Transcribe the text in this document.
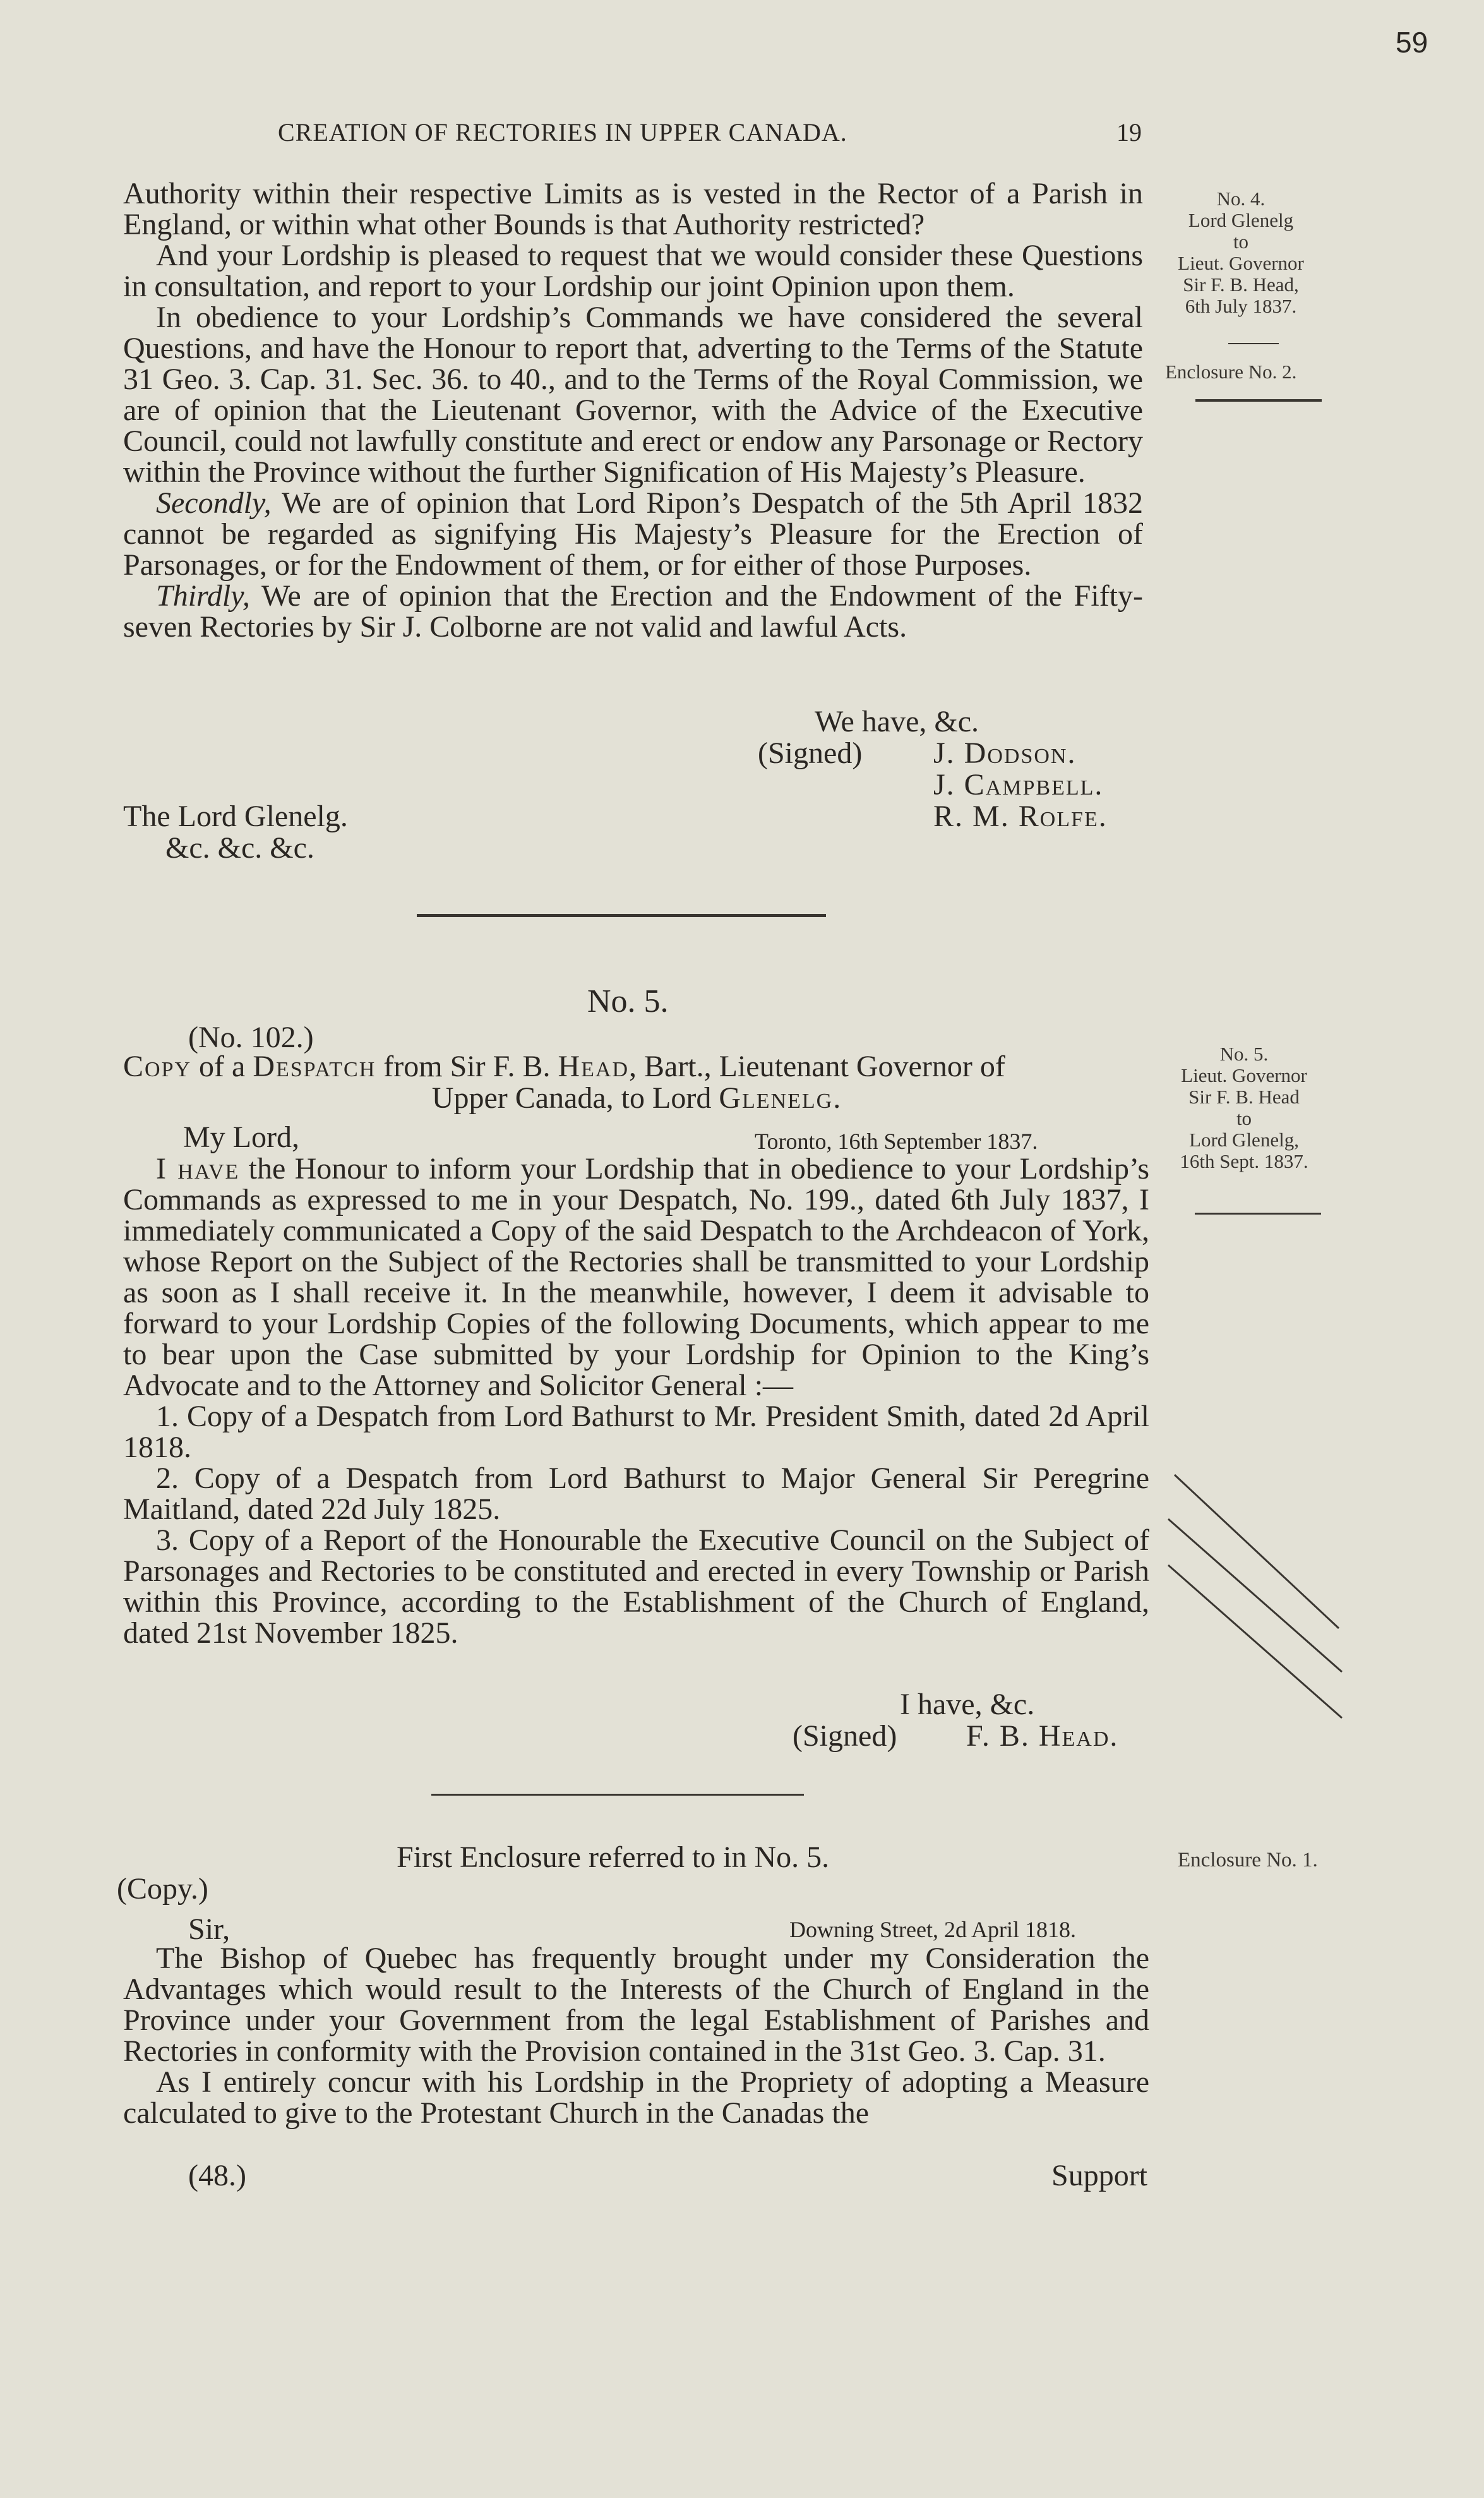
59
CREATION OF RECTORIES IN UPPER CANADA.	19

Authority within their respective Limits as is vested in the Rector of a Parish in England, or within what other Bounds is that Authority restricted?

And your Lordship is pleased to request that we would consider these Questions in consultation, and report to your Lordship our joint Opinion upon them.

In obedience to your Lordship’s Commands we have considered the several Questions, and have the Honour to report that, adverting to the Terms of the Statute 31 Geo. 3. Cap. 31. Sec. 36. to 40., and to the Terms of the Royal Commission, we are of opinion that the Lieutenant Governor, with the Advice of the Executive Council, could not lawfully constitute and erect or endow any Parsonage or Rectory within the Province without the further Signification of His Majesty’s Pleasure.

Secondly, We are of opinion that Lord Ripon’s Despatch of the 5th April 1832 cannot be regarded as signifying His Majesty’s Pleasure for the Erection of Parsonages, or for the Endowment of them, or for either of those Purposes.

Thirdly, We are of opinion that the Erection and the Endowment of the Fifty-seven Rectories by Sir J. Colborne are not valid and lawful Acts.

We have, &c.
(Signed) J. Dodson.
J. Campbell.
R. M. Rolfe.
The Lord Glenelg.
&c. &c. &c.
No. 4.
Lord Glenelg
to
Lieut. Governor
Sir F. B. Head,
6th July 1837.
Enclosure No. 2.
No. 5.
(No. 102.)
Copy of a Despatch from Sir F. B. Head, Bart., Lieutenant Governor of
Upper Canada, to Lord Glenelg.
My Lord,	Toronto, 16th September 1837.

I have the Honour to inform your Lordship that in obedience to your Lordship’s Commands as expressed to me in your Despatch, No. 199., dated 6th July 1837, I immediately communicated a Copy of the said Despatch to the Archdeacon of York, whose Report on the Subject of the Rectories shall be transmitted to your Lordship as soon as I shall receive it. In the meanwhile, however, I deem it advisable to forward to your Lordship Copies of the following Documents, which appear to me to bear upon the Case submitted by your Lordship for Opinion to the King’s Advocate and to the Attorney and Solicitor General :—

1. Copy of a Despatch from Lord Bathurst to Mr. President Smith, dated 2d April 1818.

2. Copy of a Despatch from Lord Bathurst to Major General Sir Peregrine Maitland, dated 22d July 1825.

3. Copy of a Report of the Honourable the Executive Council on the Subject of Parsonages and Rectories to be constituted and erected in every Township or Parish within this Province, according to the Establishment of the Church of England, dated 21st November 1825.

I have, &c.
(Signed) F. B. Head.
No. 5.
Lieut. Governor
Sir F. B. Head
to
Lord Glenelg,
16th Sept. 1837.
First Enclosure referred to in No. 5.	Enclosure No. 1.
(Copy.)
Sir,	Downing Street, 2d April 1818.

The Bishop of Quebec has frequently brought under my Consideration the Advantages which would result to the Interests of the Church of England in the Province under your Government from the legal Establishment of Parishes and Rectories in conformity with the Provision contained in the 31st Geo. 3. Cap. 31.

As I entirely concur with his Lordship in the Propriety of adopting a Measure calculated to give to the Protestant Church in the Canadas the

(48.)	Support
